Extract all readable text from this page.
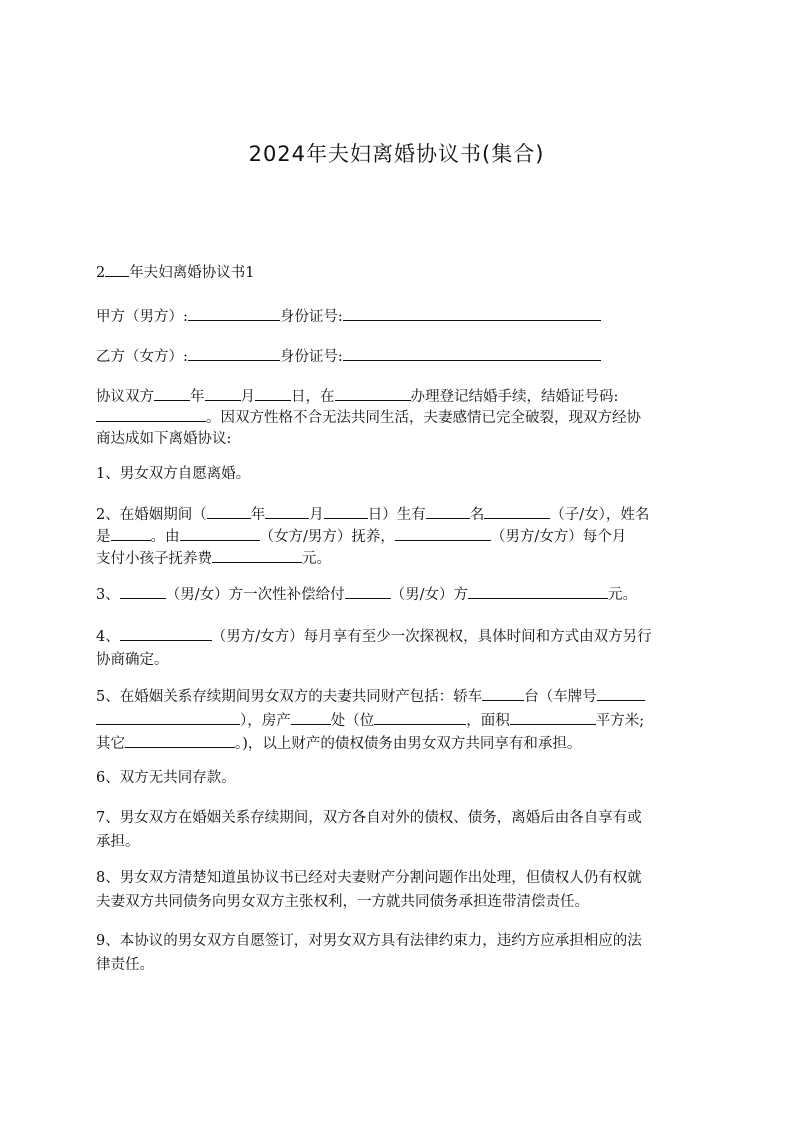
2024年夫妇离婚协议书(集合)
2 年夫妇离婚协议书1
甲方（男方）:	身份证号:
乙方（女方）:	身份证号:
协议双方 年 月 日，在	办理登记结婚手续，结婚证号码:
。因双方性格不合无法共同生活，夫妻感情已完全破裂，现双方经协
商达成如下离婚协议:
1、男女双方自愿离婚。
2、在婚姻期间（	年	月	日）生有	名	（子/女），姓名
是	。由	（女方/男方）抚养，	（男方/女方）每个月
支付小孩子抚养费	元。
3、	（男/女）方一次性补偿给付	（男/女）方	元。
4、	（男方/女方）每月享有至少一次探视权，具体时间和方式由双方另行
协商确定。
5、在婚姻关系存续期间男女双方的夫妻共同财产包括：轿车	台（车牌号
），房产	处（位	，面积	平方米;
其它	。)，以上财产的债权债务由男女双方共同享有和承担。
6、双方无共同存款。
7、男女双方在婚姻关系存续期间，双方各自对外的债权、债务，离婚后由各自享有或
承担。
8、男女双方清楚知道虽协议书已经对夫妻财产分割问题作出处理，但债权人仍有权就
夫妻双方共同债务向男女双方主张权利，一方就共同债务承担连带清偿责任。
9、本协议的男女双方自愿签订，对男女双方具有法律约束力，违约方应承担相应的法
律责任。
